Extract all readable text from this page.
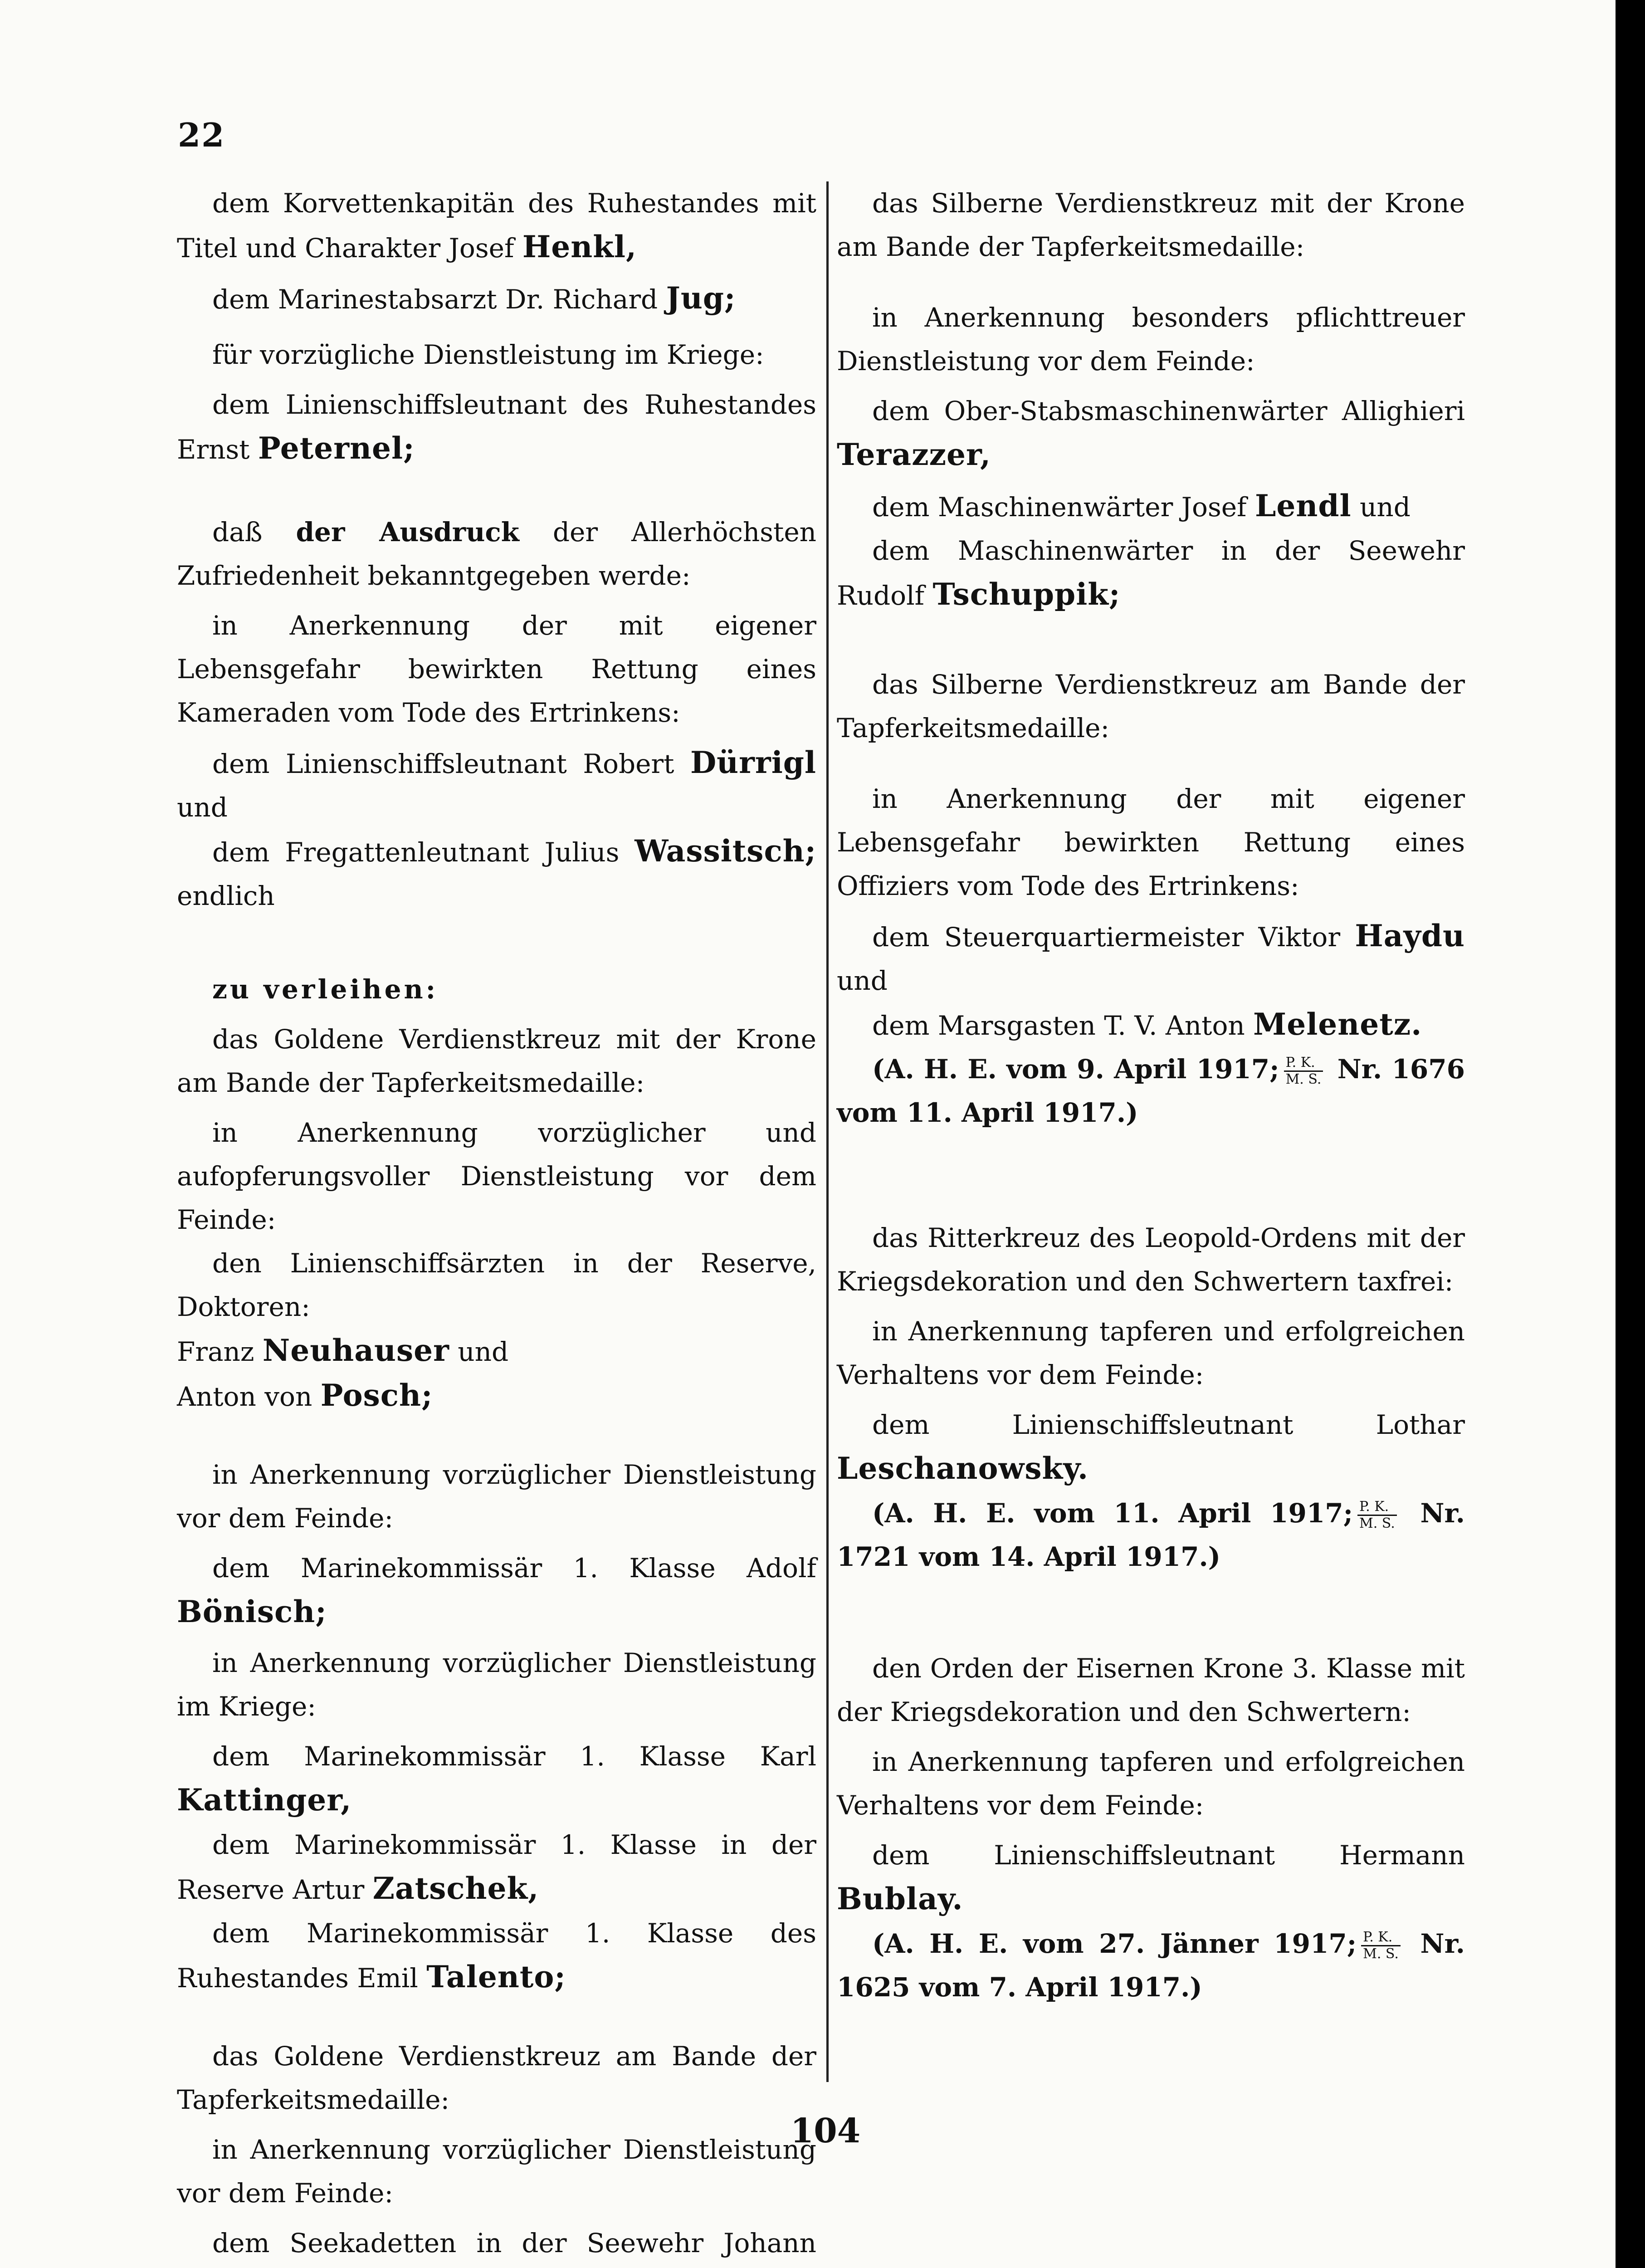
22

dem Korvettenkapitän des Ruhestandes mit Titel und Charakter Josef Henkl,

dem Marinestabsarzt Dr. Richard Jug;

für vorzügliche Dienstleistung im Kriege:

dem Linienschiffsleutnant des Ruhestandes Ernst Peternel;

daß der Ausdruck der Allerhöchsten Zufriedenheit bekanntgegeben werde:

in Anerkennung der mit eigener Lebensgefahr bewirkten Rettung eines Kameraden vom Tode des Ertrinkens:

dem Linienschiffsleutnant Robert Dürrigl und

dem Fregattenleutnant Julius Wassitsch; endlich

zu verleihen:

das Goldene Verdienstkreuz mit der Krone am Bande der Tapferkeitsmedaille:

in Anerkennung vorzüglicher und aufopferungsvoller Dienstleistung vor dem Feinde:

den Linienschiffsärzten in der Reserve, Doktoren:

Franz Neuhauser und

Anton von Posch;

in Anerkennung vorzüglicher Dienstleistung vor dem Feinde:

dem Marinekommissär 1. Klasse Adolf Bönisch;

in Anerkennung vorzüglicher Dienstleistung im Kriege:

dem Marinekommissär 1. Klasse Karl Kattinger,

dem Marinekommissär 1. Klasse in der Reserve Artur Zatschek,

dem Marinekommissär 1. Klasse des Ruhestandes Emil Talento;

das Goldene Verdienstkreuz am Bande der Tapferkeitsmedaille:

in Anerkennung vorzüglicher Dienstleistung vor dem Feinde:

dem Seekadetten in der Seewehr Johann

das Silberne Verdienstkreuz mit der Krone am Bande der Tapferkeitsmedaille:

in Anerkennung besonders pflichttreuer Dienstleistung vor dem Feinde:

dem Ober-Stabsmaschinenwärter Allighieri Terazzer,

dem Maschinenwärter Josef Lendl und

dem Maschinenwärter in der Seewehr Rudolf Tschuppik;

das Silberne Verdienstkreuz am Bande der Tapferkeitsmedaille:

in Anerkennung der mit eigener Lebensgefahr bewirkten Rettung eines Offiziers vom Tode des Ertrinkens:

dem Steuerquartiermeister Viktor Haydu und

dem Marsgasten T. V. Anton Melenetz.

(A. H. E. vom 9. April 1917; $\frac{P. K.}{M. S.} Nr$. 1676 vom 11. April 1917.)

das Ritterkreuz des Leopold-Ordens mit der Kriegsdekoration und den Schwertern taxfrei:

in Anerkennung tapferen und erfolgreichen Verhaltens vor dem Feinde:

dem Linienschiffsleutnant Lothar Leschanowsky.

(A. H. E. vom 11. April 1917; $\frac{P. K.}{M. S.} Nr$. 1721 vom 14. April 1917.)

den Orden der Eisernen Krone 3. Klasse mit der Kriegsdekoration und den Schwertern:

in Anerkennung tapferen und erfolgreichen Verhaltens vor dem Feinde:

dem Linienschiffsleutnant Hermann Bublay.

(A. H. E. vom 27. Jänner 1917; $\frac{P. K.}{M. S.} Nr$. 1625 vom 7. April 1917.)

104
